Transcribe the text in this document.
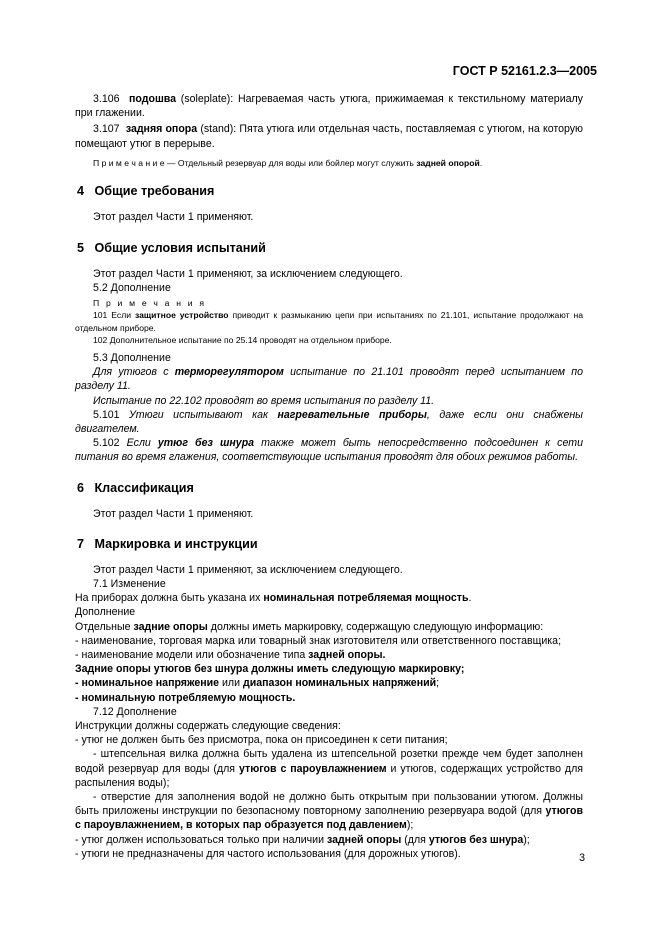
ГОСТ Р 52161.2.3—2005

3.106 подошва (soleplate): Нагреваемая часть утюга, прижимаемая к текстильному материалу при глажении.

3.107 задняя опора (stand): Пята утюга или отдельная часть, поставляемая с утюгом, на которую помещают утюг в перерыве.

П р и м е ч а н и е — Отдельный резервуар для воды или бойлер могут служить задней опорой.

4 Общие требования

Этот раздел Части 1 применяют.

5 Общие условия испытаний

Этот раздел Части 1 применяют, за исключением следующего.

5.2 Дополнение

П р и м е ч а н и я

101 Если защитное устройство приводит к размыканию цепи при испытаниях по 21.101, испытание продолжают на отдельном приборе.

102 Дополнительное испытание по 25.14 проводят на отдельном приборе.

5.3 Дополнение

Для утюгов с терморегулятором испытание по 21.101 проводят перед испытанием по разделу 11.

Испытание по 22.102 проводят во время испытания по разделу 11.

5.101 Утюги испытывают как нагревательные приборы, даже если они снабжены двигателем.

5.102 Если утюг без шнура также может быть непосредственно подсоединен к сети питания во время глажения, соответствующие испытания проводят для обоих режимов работы.

6 Классификация

Этот раздел Части 1 применяют.

7 Маркировка и инструкции

Этот раздел Части 1 применяют, за исключением следующего.

7.1 Изменение

На приборах должна быть указана их номинальная потребляемая мощность.

Дополнение

Отдельные задние опоры должны иметь маркировку, содержащую следующую информацию:

- наименование, торговая марка или товарный знак изготовителя или ответственного поставщика;

- наименование модели или обозначение типа задней опоры.

Задние опоры утюгов без шнура должны иметь следующую маркировку;

- номинальное напряжение или диапазон номинальных напряжений;

- номинальную потребляемую мощность.

7.12 Дополнение

Инструкции должны содержать следующие сведения:

- утюг не должен быть без присмотра, пока он присоединен к сети питания;

- штепсельная вилка должна быть удалена из штепсельной розетки прежде чем будет заполнен водой резервуар для воды (для утюгов с пароувлажнением и утюгов, содержащих устройство для распыления воды);

- отверстие для заполнения водой не должно быть открытым при пользовании утюгом. Должны быть приложены инструкции по безопасному повторному заполнению резервуара водой (для утюгов с пароувлажнением, в которых пар образуется под давлением);

- утюг должен использоваться только при наличии задней опоры (для утюгов без шнура);

- утюги не предназначены для частого использования (для дорожных утюгов).	3
